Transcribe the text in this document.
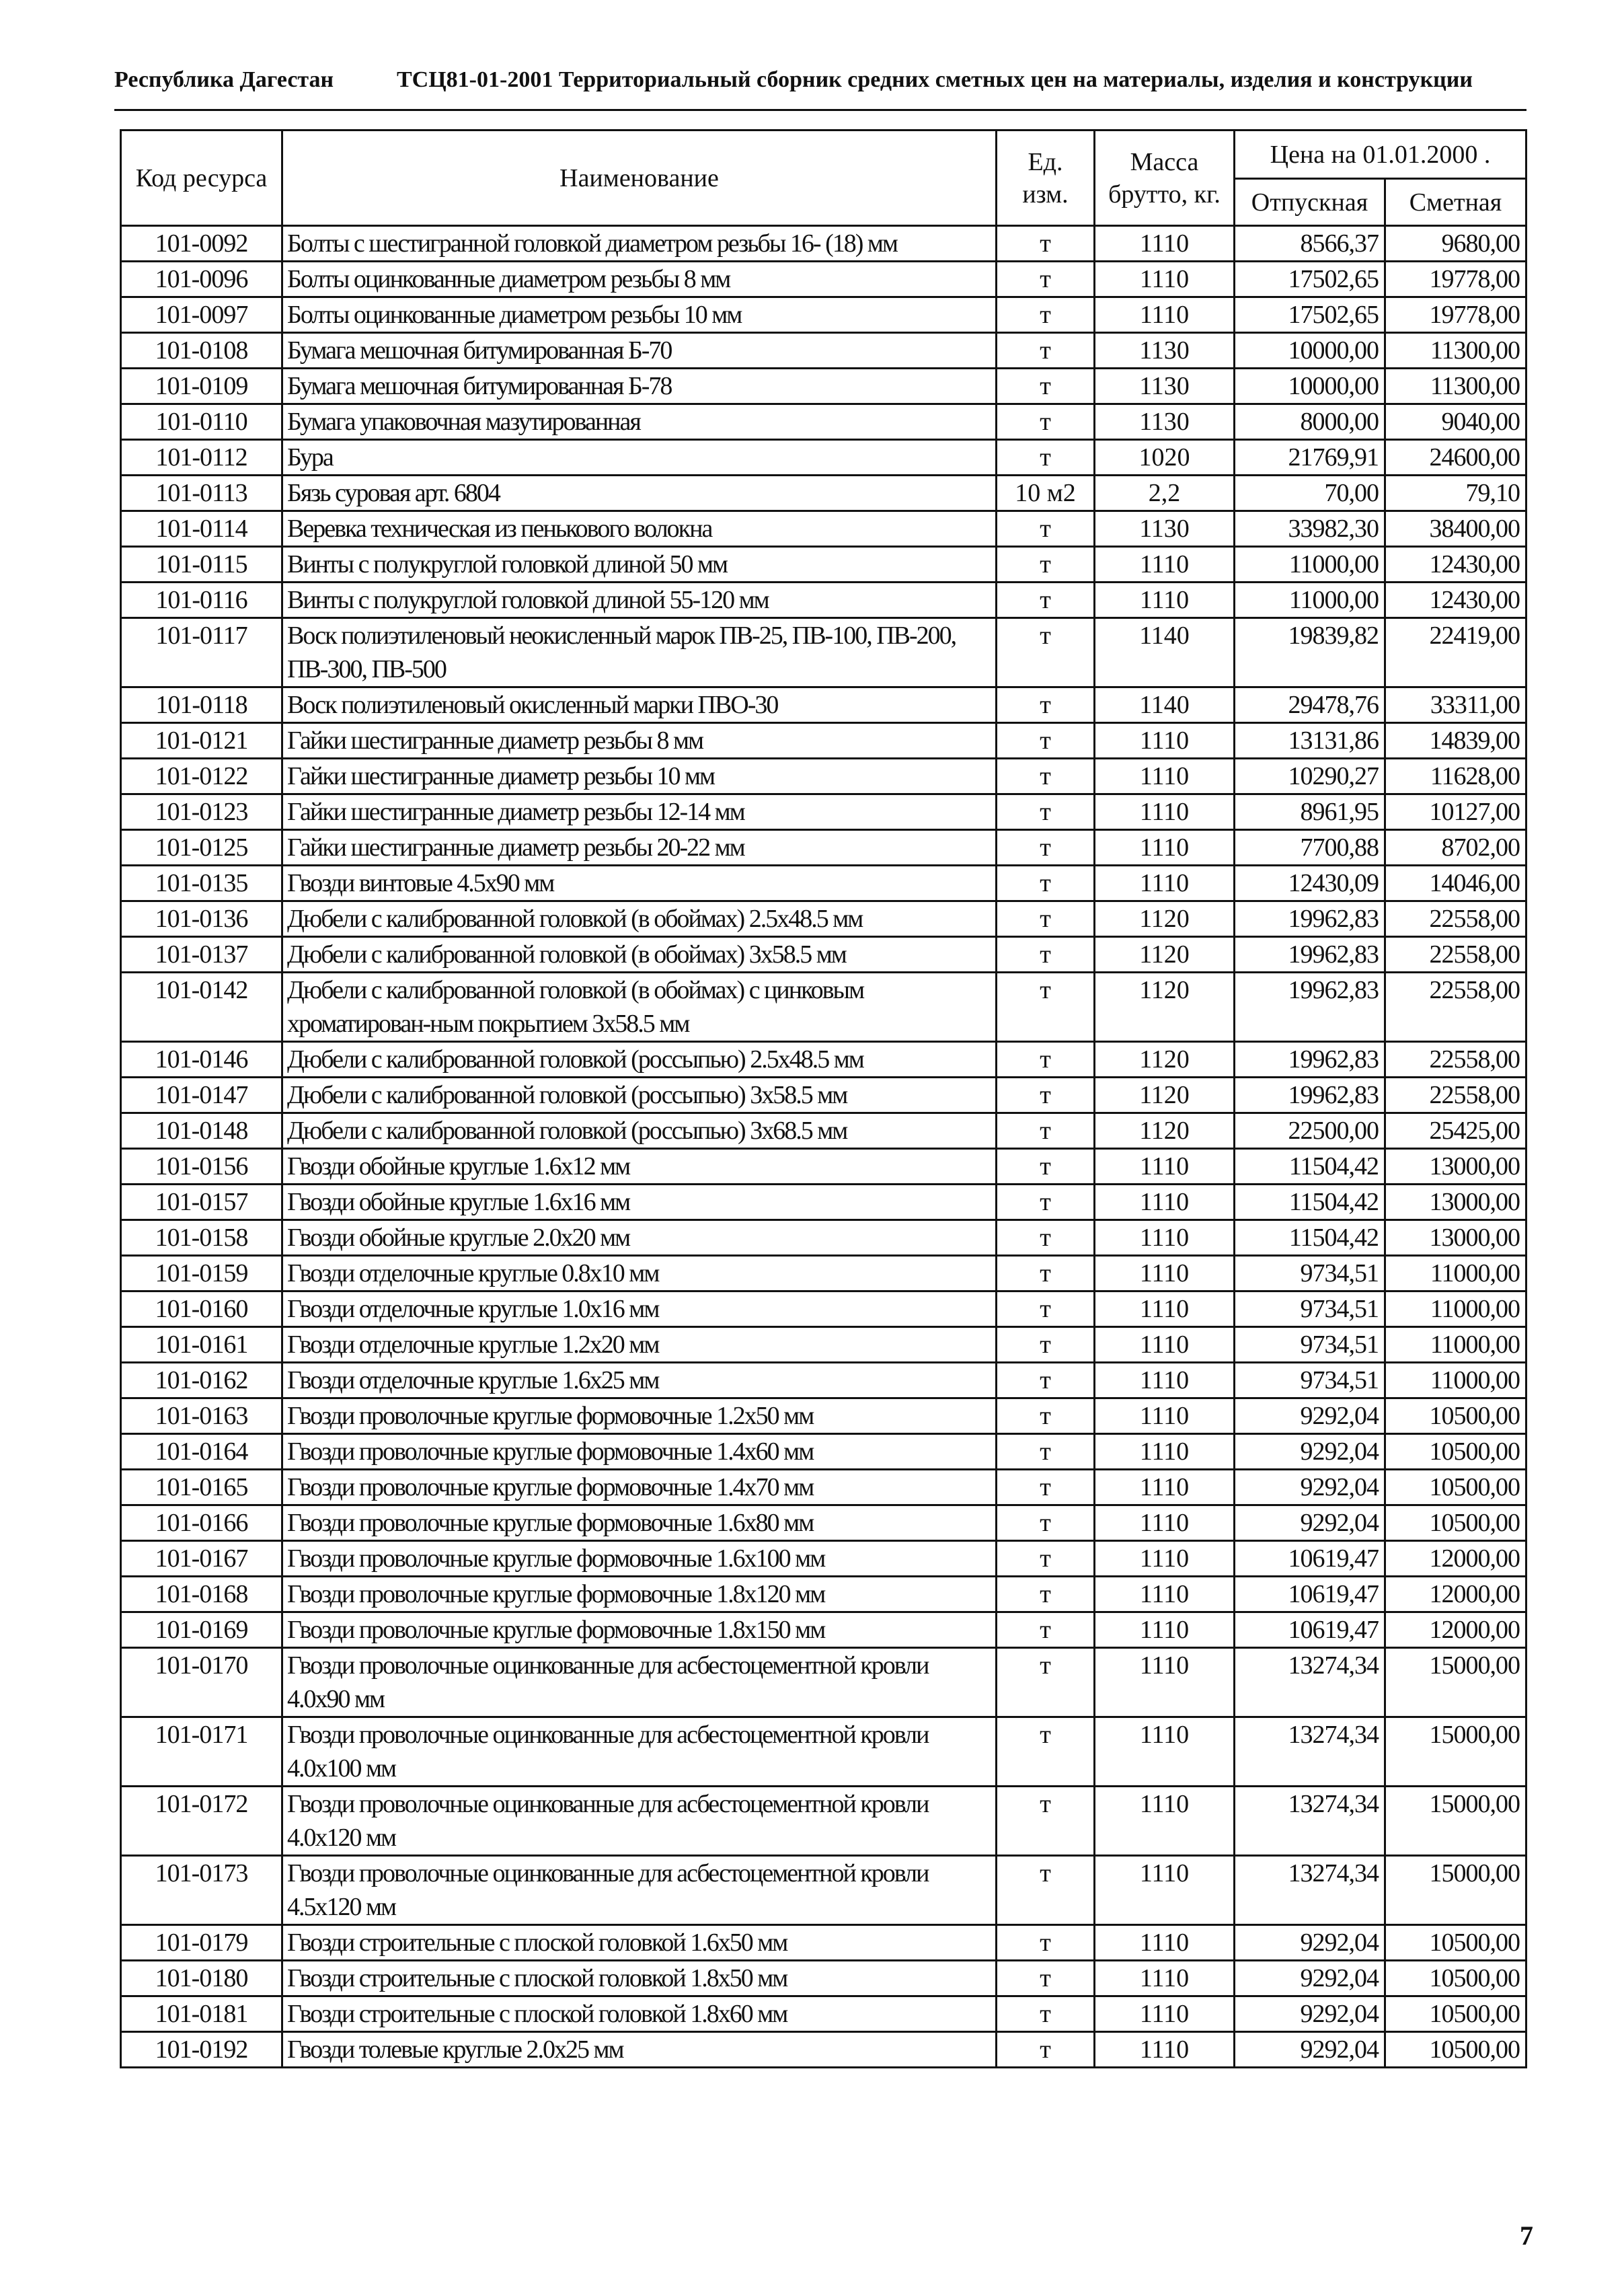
Республика Дагестан	ТСЦ81-01-2001 Территориальный сборник средних сметных цен на материалы, изделия и конструкции
Код ресурса	Наименование	Ед. изм.	Масса брутто, кг.	Цена на 01.01.2000 .	
				Отпускная	Сметная
101-0092	Болты с шестигранной головкой диаметром резьбы 16- (18) мм	т	1110	8566,37	9680,00
101-0096	Болты оцинкованные диаметром резьбы 8 мм	т	1110	17502,65	19778,00
101-0097	Болты оцинкованные диаметром резьбы 10 мм	т	1110	17502,65	19778,00
101-0108	Бумага мешочная битумированная Б-70	т	1130	10000,00	11300,00
101-0109	Бумага мешочная битумированная Б-78	т	1130	10000,00	11300,00
101-0110	Бумага упаковочная мазутированная	т	1130	8000,00	9040,00
101-0112	Бура	т	1020	21769,91	24600,00
101-0113	Бязь суровая арт. 6804	10 м2	2,2	70,00	79,10
101-0114	Веревка техническая из пенькового волокна	т	1130	33982,30	38400,00
101-0115	Винты с полукруглой головкой длиной 50 мм	т	1110	11000,00	12430,00
101-0116	Винты с полукруглой головкой длиной 55-120 мм	т	1110	11000,00	12430,00
101-0117	Воск полиэтиленовый неокисленный марок ПВ-25, ПВ-100, ПВ-200, ПВ-300, ПВ-500	т	1140	19839,82	22419,00
101-0118	Воск полиэтиленовый окисленный марки ПВО-30	т	1140	29478,76	33311,00
101-0121	Гайки шестигранные диаметр резьбы 8 мм	т	1110	13131,86	14839,00
101-0122	Гайки шестигранные диаметр резьбы 10 мм	т	1110	10290,27	11628,00
101-0123	Гайки шестигранные диаметр резьбы 12-14 мм	т	1110	8961,95	10127,00
101-0125	Гайки шестигранные диаметр резьбы 20-22 мм	т	1110	7700,88	8702,00
101-0135	Гвозди винтовые 4.5х90 мм	т	1110	12430,09	14046,00
101-0136	Дюбели с калиброванной головкой (в обоймах) 2.5х48.5 мм	т	1120	19962,83	22558,00
101-0137	Дюбели с калиброванной головкой (в обоймах) 3х58.5 мм	т	1120	19962,83	22558,00
101-0142	Дюбели с калиброванной головкой (в обоймах) с цинковым хроматирован-ным покрытием 3х58.5 мм	т	1120	19962,83	22558,00
101-0146	Дюбели с калиброванной головкой (россыпью) 2.5х48.5 мм	т	1120	19962,83	22558,00
101-0147	Дюбели с калиброванной головкой (россыпью) 3х58.5 мм	т	1120	19962,83	22558,00
101-0148	Дюбели с калиброванной головкой (россыпью) 3х68.5 мм	т	1120	22500,00	25425,00
101-0156	Гвозди обойные круглые 1.6х12 мм	т	1110	11504,42	13000,00
101-0157	Гвозди обойные круглые 1.6х16 мм	т	1110	11504,42	13000,00
101-0158	Гвозди обойные круглые 2.0х20 мм	т	1110	11504,42	13000,00
101-0159	Гвозди отделочные круглые 0.8х10 мм	т	1110	9734,51	11000,00
101-0160	Гвозди отделочные круглые 1.0х16 мм	т	1110	9734,51	11000,00
101-0161	Гвозди отделочные круглые 1.2х20 мм	т	1110	9734,51	11000,00
101-0162	Гвозди отделочные круглые 1.6х25 мм	т	1110	9734,51	11000,00
101-0163	Гвозди проволочные круглые формовочные 1.2х50 мм	т	1110	9292,04	10500,00
101-0164	Гвозди проволочные круглые формовочные 1.4х60 мм	т	1110	9292,04	10500,00
101-0165	Гвозди проволочные круглые формовочные 1.4х70 мм	т	1110	9292,04	10500,00
101-0166	Гвозди проволочные круглые формовочные 1.6х80 мм	т	1110	9292,04	10500,00
101-0167	Гвозди проволочные круглые формовочные 1.6х100 мм	т	1110	10619,47	12000,00
101-0168	Гвозди проволочные круглые формовочные 1.8х120 мм	т	1110	10619,47	12000,00
101-0169	Гвозди проволочные круглые формовочные 1.8х150 мм	т	1110	10619,47	12000,00
101-0170	Гвозди проволочные оцинкованные для асбестоцементной кровли 4.0х90 мм	т	1110	13274,34	15000,00
101-0171	Гвозди проволочные оцинкованные для асбестоцементной кровли 4.0х100 мм	т	1110	13274,34	15000,00
101-0172	Гвозди проволочные оцинкованные для асбестоцементной кровли 4.0х120 мм	т	1110	13274,34	15000,00
101-0173	Гвозди проволочные оцинкованные для асбестоцементной кровли 4.5х120 мм	т	1110	13274,34	15000,00
101-0179	Гвозди строительные с плоской головкой 1.6х50 мм	т	1110	9292,04	10500,00
101-0180	Гвозди строительные с плоской головкой 1.8х50 мм	т	1110	9292,04	10500,00
101-0181	Гвозди строительные с плоской головкой 1.8х60 мм	т	1110	9292,04	10500,00
101-0192	Гвозди толевые круглые 2.0х25 мм	т	1110	9292,04	10500,00
7
